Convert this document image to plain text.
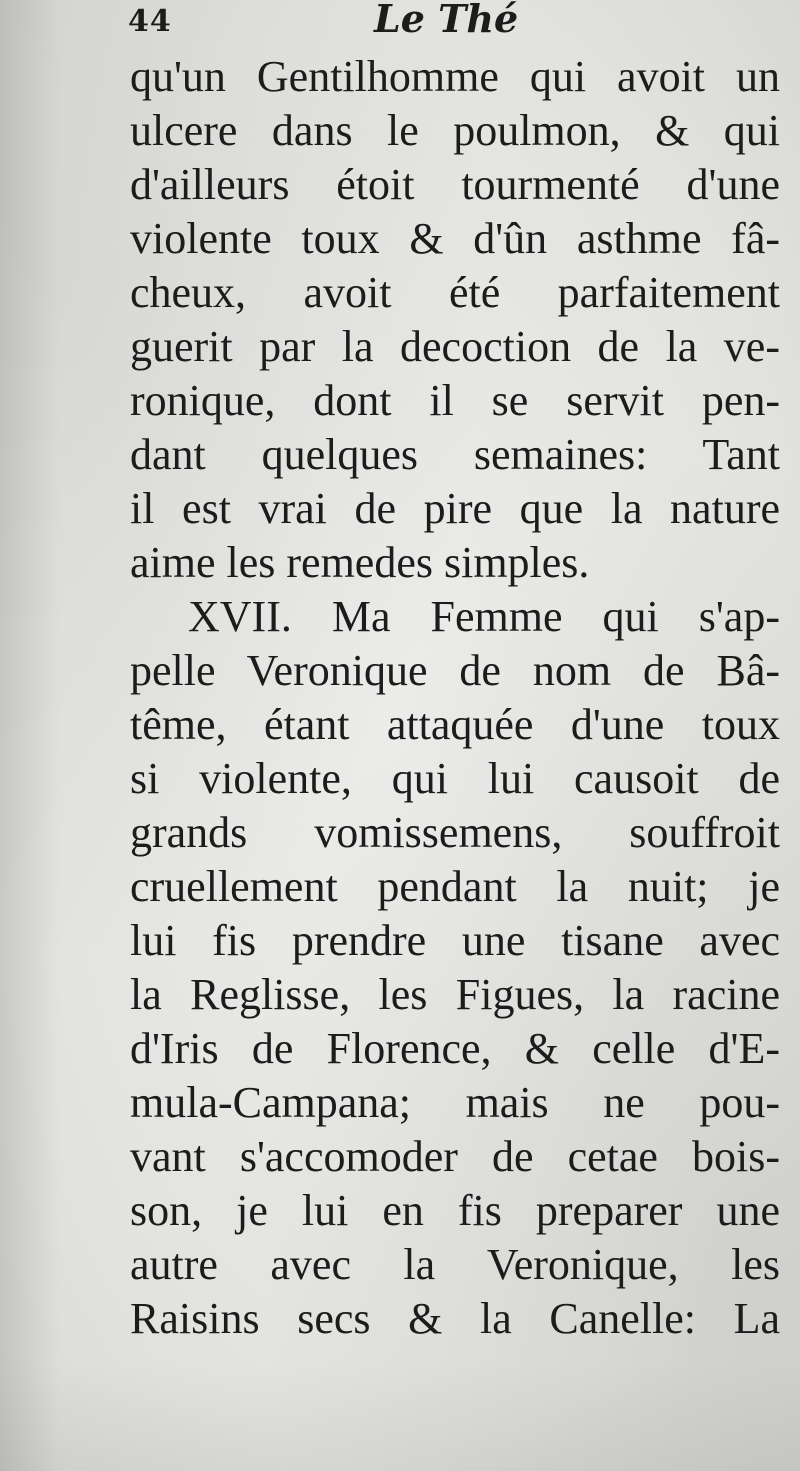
44	Le Thé
qu'un Gentilhomme qui avoit un
ulcere dans le poulmon, & qui
d'ailleurs étoit tourmenté d'une
violente toux & d'ûn asthme fâ-
cheux, avoit été parfaitement
guerit par la decoction de la ve-
ronique, dont il se servit pen-
dant quelques semaines: Tant
il est vrai de pire que la nature
aime les remedes simples.
XVII. Ma Femme qui s'ap-
pelle Veronique de nom de Bâ-
tême, étant attaquée d'une toux
si violente, qui lui causoit de
grands vomissemens, souffroit
cruellement pendant la nuit; je
lui fis prendre une tisane avec
la Reglisse, les Figues, la racine
d'Iris de Florence, & celle d'E-
mula-Campana; mais ne pou-
vant s'accomoder de cetae bois-
son, je lui en fis preparer une
autre avec la Veronique, les
Raisins secs & la Canelle: La
